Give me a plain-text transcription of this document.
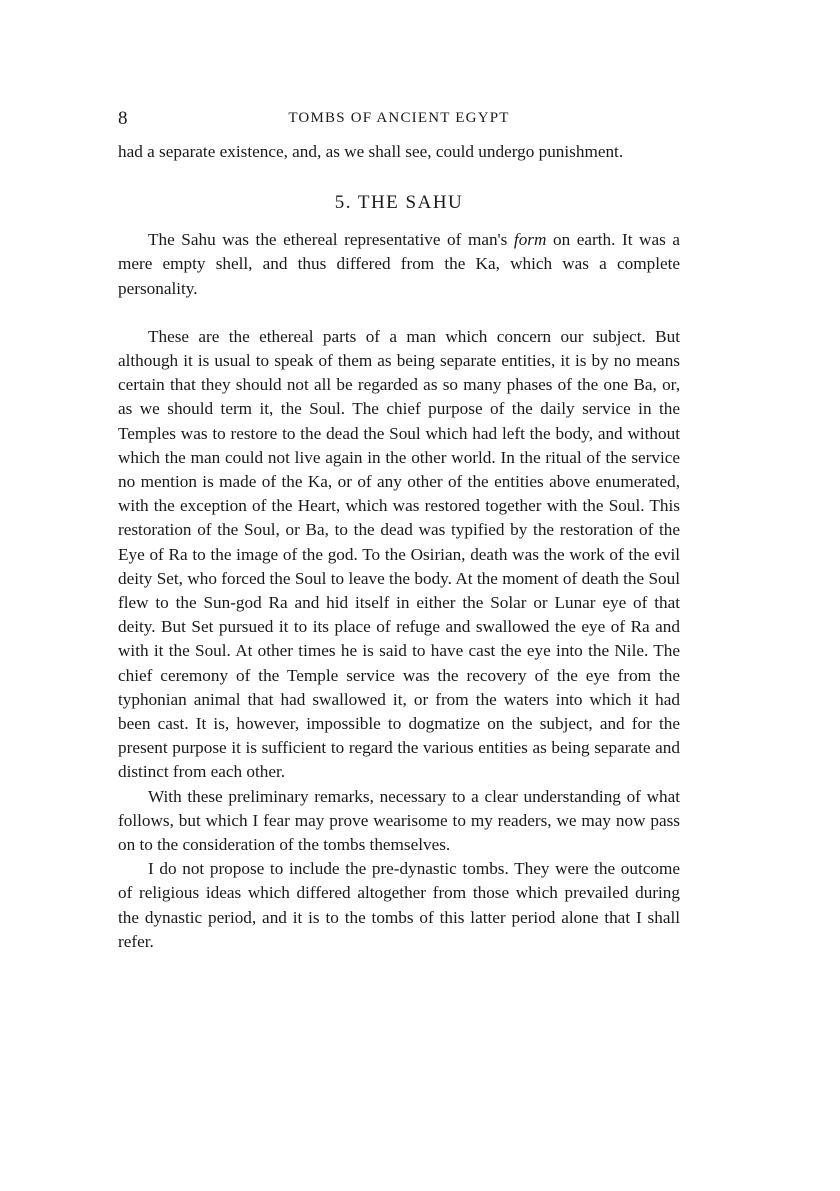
8	TOMBS OF ANCIENT EGYPT

had a separate existence, and, as we shall see, could undergo punishment.

5. THE SAHU

The Sahu was the ethereal representative of man's form on earth. It was a mere empty shell, and thus differed from the Ka, which was a complete personality.

These are the ethereal parts of a man which concern our subject. But although it is usual to speak of them as being separate entities, it is by no means certain that they should not all be regarded as so many phases of the one Ba, or, as we should term it, the Soul. The chief purpose of the daily service in the Temples was to restore to the dead the Soul which had left the body, and without which the man could not live again in the other world. In the ritual of the service no mention is made of the Ka, or of any other of the entities above enumerated, with the exception of the Heart, which was restored together with the Soul. This restoration of the Soul, or Ba, to the dead was typified by the restoration of the Eye of Ra to the image of the god. To the Osirian, death was the work of the evil deity Set, who forced the Soul to leave the body. At the moment of death the Soul flew to the Sun-god Ra and hid itself in either the Solar or Lunar eye of that deity. But Set pursued it to its place of refuge and swallowed the eye of Ra and with it the Soul. At other times he is said to have cast the eye into the Nile. The chief ceremony of the Temple service was the recovery of the eye from the typhonian animal that had swallowed it, or from the waters into which it had been cast. It is, however, impossible to dogmatize on the subject, and for the present purpose it is sufficient to regard the various entities as being separate and distinct from each other.

With these preliminary remarks, necessary to a clear understanding of what follows, but which I fear may prove wearisome to my readers, we may now pass on to the consideration of the tombs themselves.

I do not propose to include the pre-dynastic tombs. They were the outcome of religious ideas which differed altogether from those which prevailed during the dynastic period, and it is to the tombs of this latter period alone that I shall refer.
